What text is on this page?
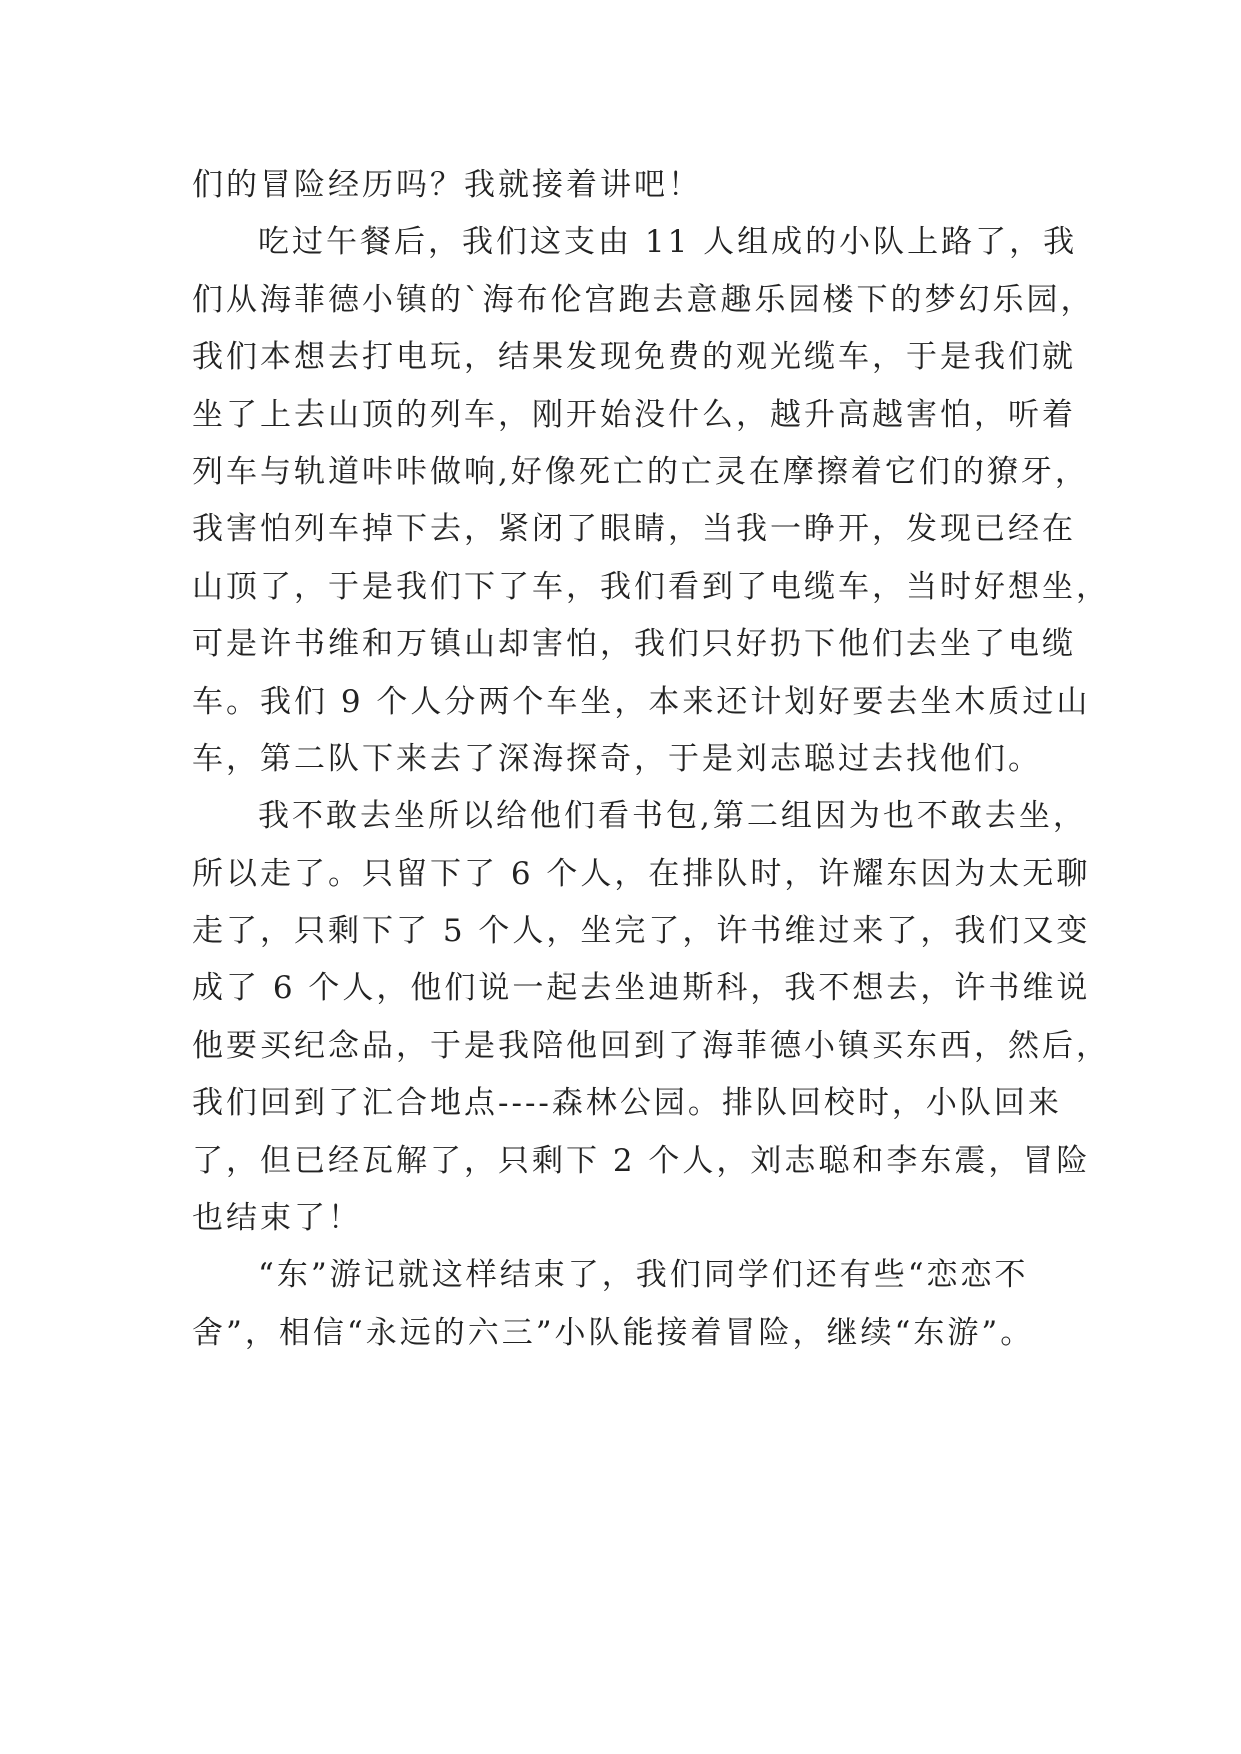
们的冒险经历吗？我就接着讲吧！
吃过午餐后，我们这支由 11 人组成的小队上路了，我
们从海菲德小镇的`海布伦宫跑去意趣乐园楼下的梦幻乐园，
我们本想去打电玩，结果发现免费的观光缆车，于是我们就
坐了上去山顶的列车，刚开始没什么，越升高越害怕，听着
列车与轨道咔咔做响,好像死亡的亡灵在摩擦着它们的獠牙，
我害怕列车掉下去，紧闭了眼睛，当我一睁开，发现已经在
山顶了，于是我们下了车，我们看到了电缆车，当时好想坐，
可是许书维和万镇山却害怕，我们只好扔下他们去坐了电缆
车。我们 9 个人分两个车坐，本来还计划好要去坐木质过山
车，第二队下来去了深海探奇，于是刘志聪过去找他们。
我不敢去坐所以给他们看书包,第二组因为也不敢去坐，
所以走了。只留下了 6 个人，在排队时，许耀东因为太无聊
走了，只剩下了 5 个人，坐完了，许书维过来了，我们又变
成了 6 个人，他们说一起去坐迪斯科，我不想去，许书维说
他要买纪念品，于是我陪他回到了海菲德小镇买东西，然后，
我们回到了汇合地点----森林公园。排队回校时，小队回来
了，但已经瓦解了，只剩下 2 个人，刘志聪和李东震，冒险
也结束了！
“东”游记就这样结束了，我们同学们还有些“恋恋不
舍”，相信“永远的六三”小队能接着冒险，继续“东游”。
